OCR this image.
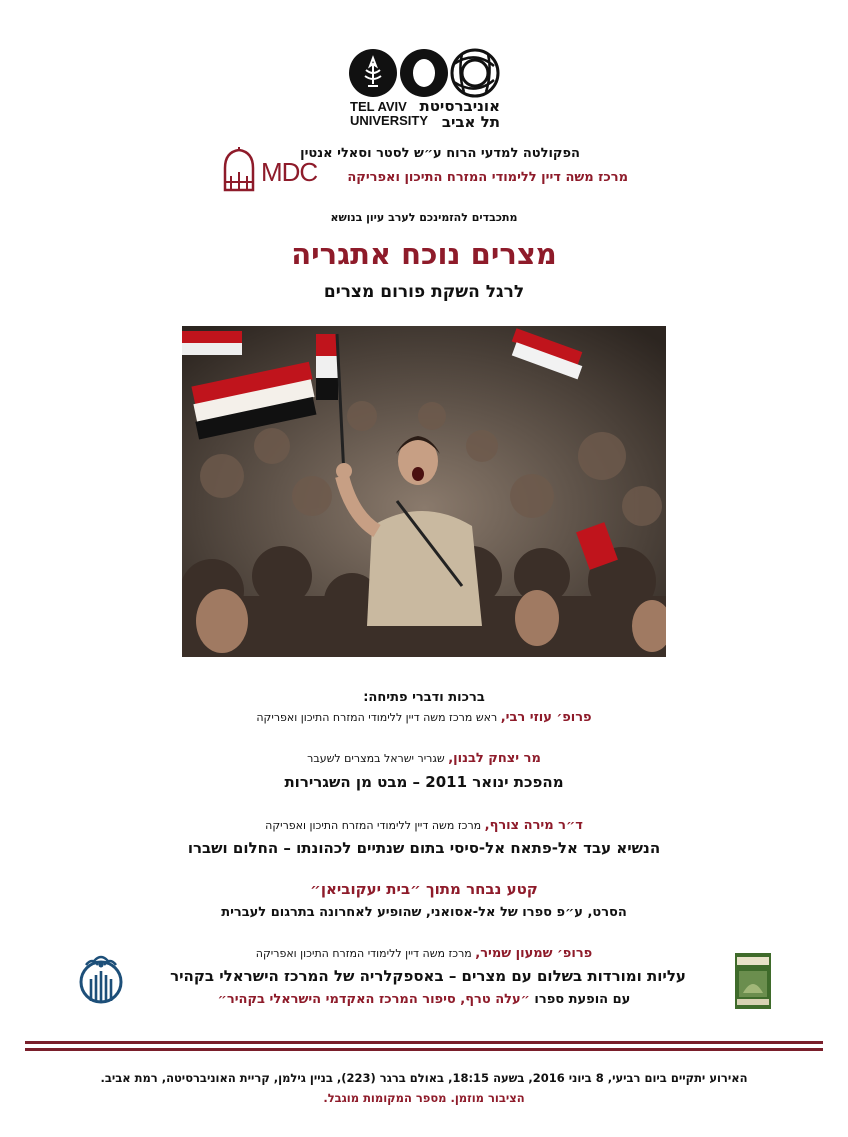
TEL AVIV
UNIVERSITY
אוניברסיטת
תל אביב
הפקולטה למדעי הרוח ע״ש לסטר וסאלי אנטין
MDC	מרכז משה דיין ללימודי המזרח התיכון ואפריקה
מתכבדים להזמינכם לערב עיון בנושא
מצרים נוכח אתגריה
לרגל השקת פורום מצרים
ברכות ודברי פתיחה:
פרופ׳ עוזי רבי, ראש מרכז משה דיין ללימודי המזרח התיכון ואפריקה
מר יצחק לבנון, שגריר ישראל במצרים לשעבר
מהפכת ינואר 2011 – מבט מן השגרירות
ד״ר מירה צורף, מרכז משה דיין ללימודי המזרח התיכון ואפריקה
הנשיא עבד אל-פתאח אל-סיסי בתום שנתיים לכהונתו – החלום ושברו
קטע נבחר מתוך ״בית יעקוביאן״
הסרט, ע״פ ספרו של אל-אסואני, שהופיע לאחרונה בתרגום לעברית
פרופ׳ שמעון שמיר, מרכז משה דיין ללימודי המזרח התיכון ואפריקה
עליות ומורדות בשלום עם מצרים – באספקלריה של המרכז הישראלי בקהיר
עם הופעת ספרו ״עלה טרף, סיפור המרכז האקדמי הישראלי בקהיר״
האירוע יתקיים ביום רביעי, 8 ביוני 2016, בשעה 18:15, באולם ברגר (223), בניין גילמן, קריית האוניברסיטה, רמת אביב.
הציבור מוזמן. מספר המקומות מוגבל.
